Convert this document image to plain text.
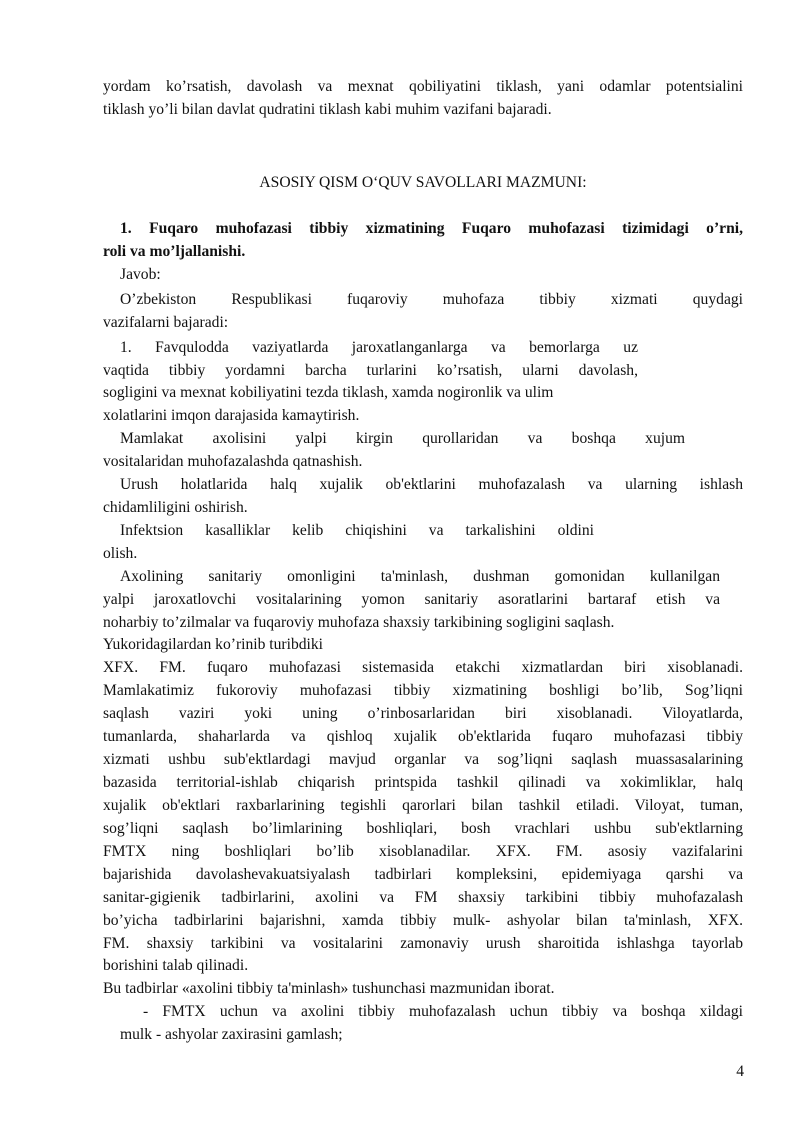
yordam ko’rsatish, davolash va mexnat qobiliyatini tiklash, yani odamlar potentsialini

tiklash yo’li bilan davlat qudratini tiklash kabi muhim vazifani bajaradi.

ASOSIY QISM O‘QUV SAVOLLARI MAZMUNI:

1. Fuqaro muhofazasi tibbiy xizmatining Fuqaro muhofazasi tizimidagi o’rni,

roli va mo’ljallanishi.

Javob:

O’zbekiston Respublikasi fuqaroviy muhofaza tibbiy xizmati quydagi

vazifalarni bajaradi:

1. Favqulodda vaziyatlarda jaroxatlanganlarga va bemorlarga uz

vaqtida tibbiy yordamni barcha turlarini ko’rsatish, ularni davolash,

sogligini va mexnat kobiliyatini tezda tiklash, xamda nogironlik va ulim

xolatlarini imqon darajasida kamaytirish.

Mamlakat axolisini yalpi kirgin qurollaridan va boshqa xujum

vositalaridan muhofazalashda qatnashish.

Urush holatlarida halq xujalik ob'ektlarini muhofazalash va ularning ishlash

chidamliligini oshirish.

Infektsion kasalliklar kelib chiqishini va tarkalishini oldini

olish.

Axolining sanitariy omonligini ta'minlash, dushman gomonidan kullanilgan

yalpi jaroxatlovchi vositalarining yomon sanitariy asoratlarini bartaraf etish va

noharbiy to’zilmalar va fuqaroviy muhofaza shaxsiy tarkibining sogligini saqlash.

Yukoridagilardan ko’rinib turibdiki

XFX. FM. fuqaro muhofazasi sistemasida etakchi xizmatlardan biri xisoblanadi.

Mamlakatimiz fukoroviy muhofazasi tibbiy xizmatining boshligi bo’lib, Sog’liqni

saqlash vaziri yoki uning o’rinbosarlaridan biri xisoblanadi. Viloyatlarda,

tumanlarda, shaharlarda va qishloq xujalik ob'ektlarida fuqaro muhofazasi tibbiy

xizmati ushbu sub'ektlardagi mavjud organlar va sog’liqni saqlash muassasalarining

bazasida territorial-ishlab chiqarish printspida tashkil qilinadi va xokimliklar, halq

xujalik ob'ektlari raxbarlarining tegishli qarorlari bilan tashkil etiladi. Viloyat, tuman,

sog’liqni saqlash bo’limlarining boshliqlari, bosh vrachlari ushbu sub'ektlarning

FMTX ning boshliqlari bo’lib xisoblanadilar. XFX. FM. asosiy vazifalarini

bajarishida davolashevakuatsiyalash tadbirlari kompleksini, epidemiyaga qarshi va

sanitar-gigienik tadbirlarini, axolini va FM shaxsiy tarkibini tibbiy muhofazalash

bo’yicha tadbirlarini bajarishni, xamda tibbiy mulk- ashyolar bilan ta'minlash, XFX.

FM. shaxsiy tarkibini va vositalarini zamonaviy urush sharoitida ishlashga tayorlab

borishini talab qilinadi.

Bu tadbirlar «axolini tibbiy ta'minlash» tushunchasi mazmunidan iborat.

- FMTX uchun va axolini tibbiy muhofazalash uchun tibbiy va boshqa xildagi

mulk - ashyolar zaxirasini gamlash;

4
